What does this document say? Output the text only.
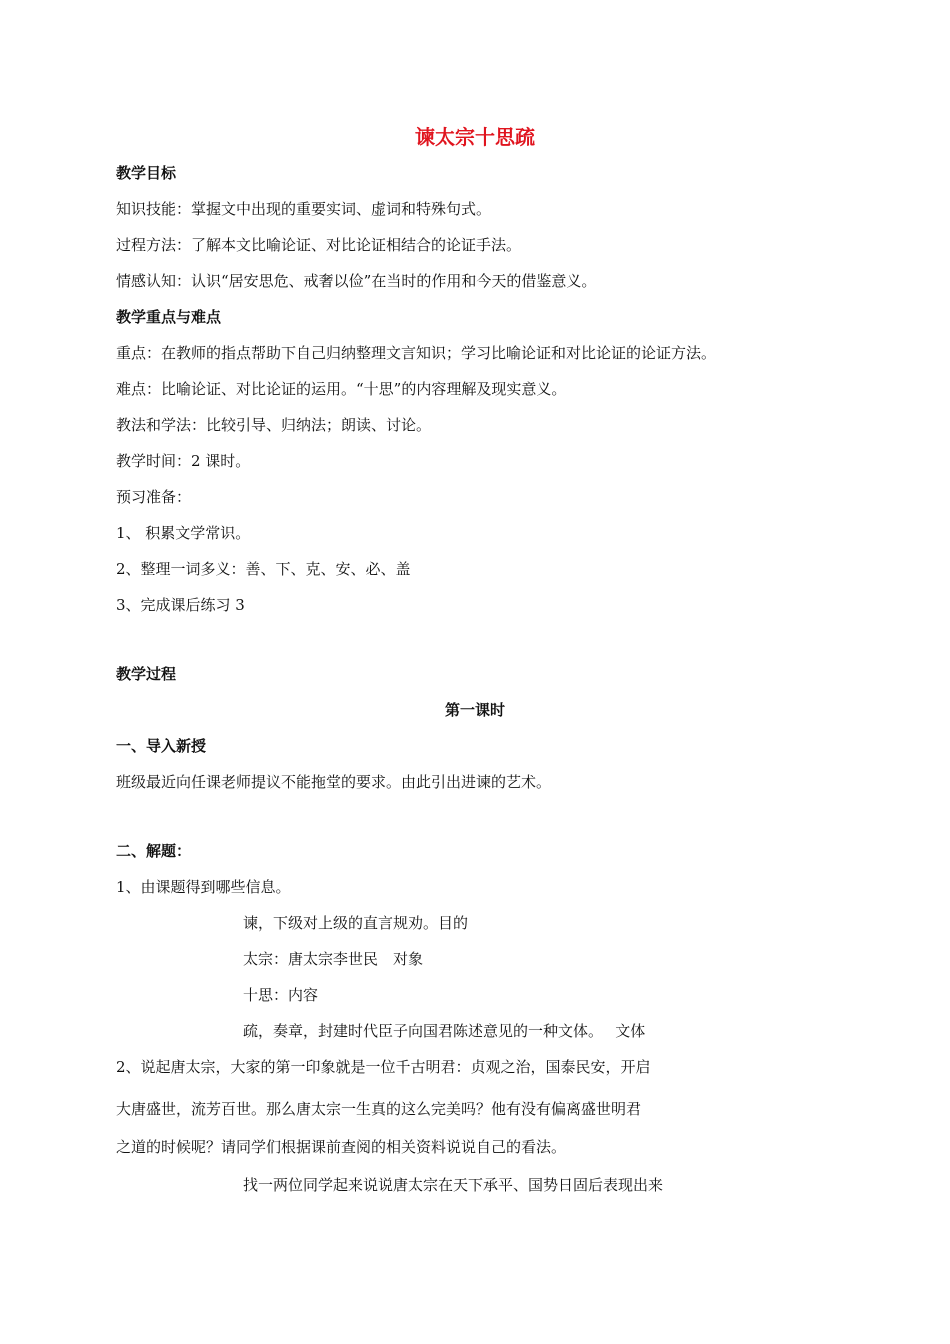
谏太宗十思疏
教学目标
知识技能：掌握文中出现的重要实词、虚词和特殊句式。
过程方法：了解本文比喻论证、对比论证相结合的论证手法。
情感认知：认识“居安思危、戒奢以俭”在当时的作用和今天的借鉴意义。
教学重点与难点
重点：在教师的指点帮助下自己归纳整理文言知识；学习比喻论证和对比论证的论证方法。
难点：比喻论证、对比论证的运用。“十思”的内容理解及现实意义。
教法和学法：比较引导、归纳法；朗读、讨论。
教学时间：2 课时。
预习准备：
1、 积累文学常识。
2、整理一词多义：善、下、克、安、必、盖
3、完成课后练习 3
教学过程
第一课时
一、导入新授
班级最近向任课老师提议不能拖堂的要求。由此引出进谏的艺术。
二、解题：
1、由课题得到哪些信息。
谏，下级对上级的直言规劝。目的
太宗：唐太宗李世民　对象
十思：内容
疏，奏章，封建时代臣子向国君陈述意见的一种文体。　 文体
2、说起唐太宗，大家的第一印象就是一位千古明君：贞观之治，国泰民安，开启
大唐盛世，流芳百世。那么唐太宗一生真的这么完美吗？他有没有偏离盛世明君
之道的时候呢？请同学们根据课前查阅的相关资料说说自己的看法。
找一两位同学起来说说唐太宗在天下承平、国势日固后表现出来
